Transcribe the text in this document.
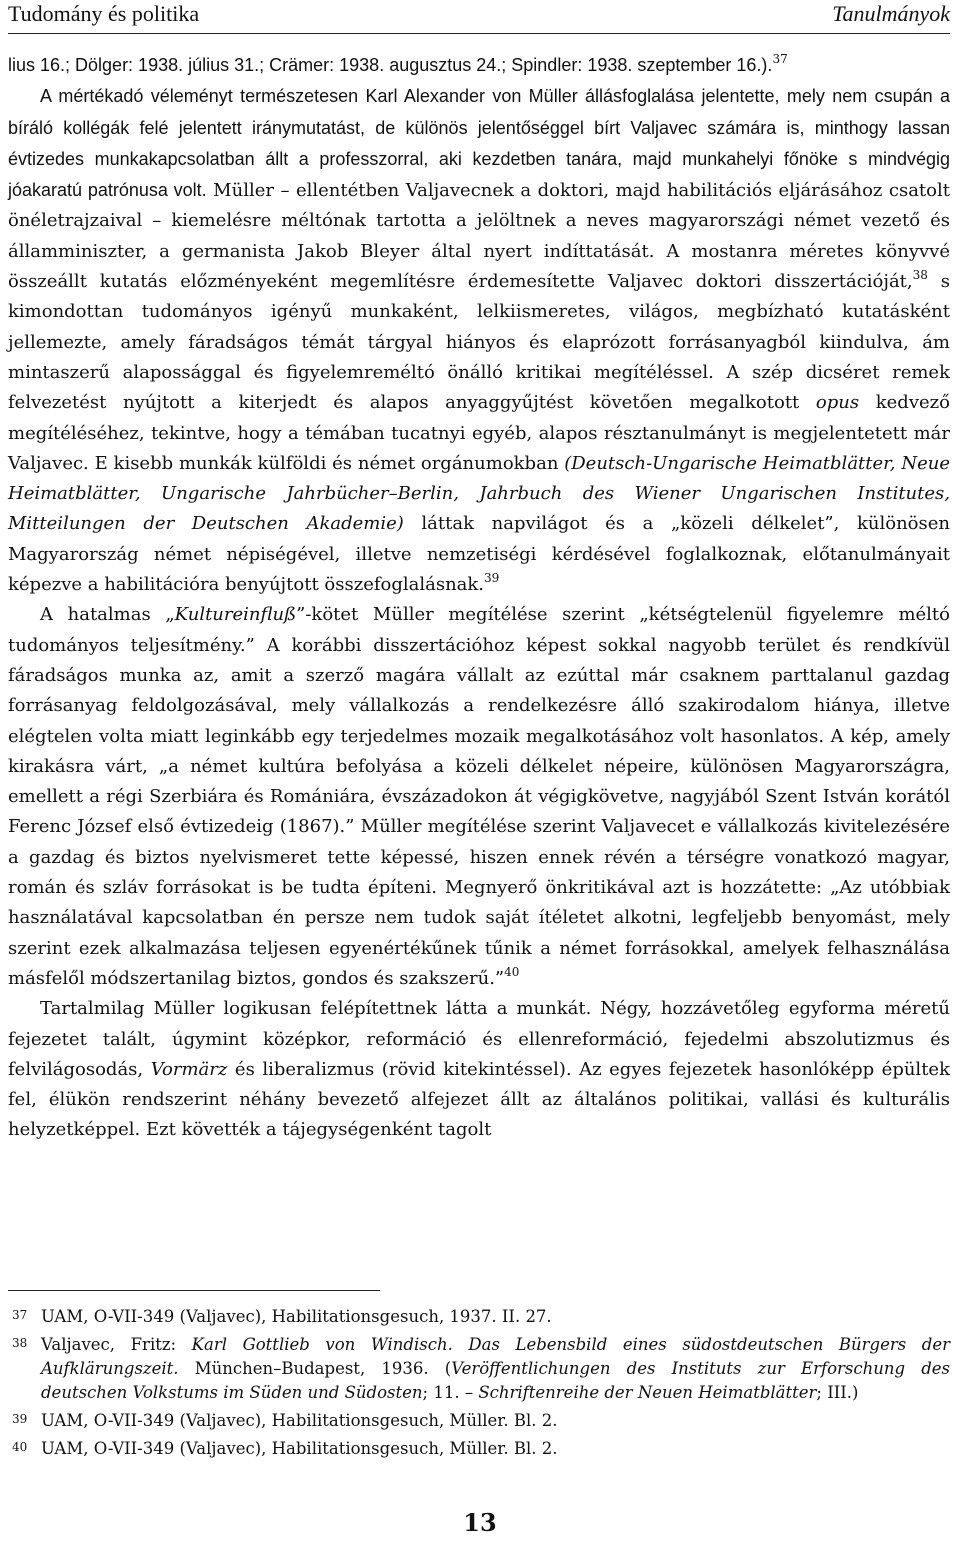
Tudomány és politika	Tanulmányok

lius 16.; Dölger: 1938. július 31.; Crämer: 1938. augusztus 24.; Spindler: 1938. szeptember 16.).$^{37}$

A mértékadó véleményt természetesen Karl Alexander von Müller állásfoglalása jelentette, mely nem csupán a bíráló kollégák felé jelentett iránymutatást, de különös jelentőséggel bírt Valjavec számára is, minthogy lassan évtizedes munkakapcsolatban állt a professzorral, aki kezdetben tanára, majd munkahelyi főnöke s mindvégig jóakaratú patrónusa volt. Müller – ellentétben Valjavecnek a doktori, majd habilitációs eljárásához csatolt önéletrajzaival – kiemelésre méltónak tartotta a jelöltnek a neves magyarországi német vezető és államminiszter, a germanista Jakob Bleyer által nyert indíttatását. A mostanra méretes könyvvé összeállt kutatás előzményeként megemlítésre érdemesítette Valjavec doktori disszertációját,$^{38}$ s kimondottan tudományos igényű munkaként, lelkiismeretes, világos, megbízható kutatásként jellemezte, amely fáradságos témát tárgyal hiányos és elaprózott forrásanyagból kiindulva, ám mintaszerű alapossággal és figyelemreméltó önálló kritikai megítéléssel. A szép dicséret remek felvezetést nyújtott a kiterjedt és alapos anyaggyűjtést követően megalkotott opus kedvező megítéléséhez, tekintve, hogy a témában tucatnyi egyéb, alapos résztanulmányt is megjelentetett már Valjavec. E kisebb munkák külföldi és német orgánumokban (Deutsch-Ungarische Heimatblätter, Neue Heimatblätter, Ungarische Jahrbücher–Berlin, Jahrbuch des Wiener Ungarischen Institutes, Mitteilungen der Deutschen Akademie) láttak napvilágot és a „közeli délkelet”, különösen Magyarország német népiségével, illetve nemzetiségi kérdésével foglalkoznak, előtanulmányait képezve a habilitációra benyújtott összefoglalásnak.$^{39}$

A hatalmas „Kultureinfluß”-kötet Müller megítélése szerint „kétségtelenül figyelemre méltó tudományos teljesítmény.” A korábbi disszertációhoz képest sokkal nagyobb terület és rendkívül fáradságos munka az, amit a szerző magára vállalt az ezúttal már csaknem parttalanul gazdag forrásanyag feldolgozásával, mely vállalkozás a rendelkezésre álló szakirodalom hiánya, illetve elégtelen volta miatt leginkább egy terjedelmes mozaik megalkotásához volt hasonlatos. A kép, amely kirakásra várt, „a német kultúra befolyása a közeli délkelet népeire, különösen Magyarországra, emellett a régi Szerbiára és Romániára, évszázadokon át végigkövetve, nagyjából Szent István korától Ferenc József első évtizedeig (1867).” Müller megítélése szerint Valjavecet e vállalkozás kivitelezésére a gazdag és biztos nyelvismeret tette képessé, hiszen ennek révén a térségre vonatkozó magyar, román és szláv forrásokat is be tudta építeni. Megnyerő önkritikával azt is hozzátette: „Az utóbbiak használatával kapcsolatban én persze nem tudok saját ítéletet alkotni, legfeljebb benyomást, mely szerint ezek alkalmazása teljesen egyenértékűnek tűnik a német forrásokkal, amelyek felhasználása másfelől módszertanilag biztos, gondos és szakszerű.”$^{40}$

Tartalmilag Müller logikusan felépítettnek látta a munkát. Négy, hozzávetőleg egyforma méretű fejezetet talált, úgymint középkor, reformáció és ellenreformáció, fejedelmi abszolutizmus és felvilágosodás, Vormärz és liberalizmus (rövid kitekintéssel). Az egyes fejezetek hasonlóképp épültek fel, élükön rendszerint néhány bevezető alfejezet állt az általános politikai, vallási és kulturális helyzetképpel. Ezt követték a tájegységenként tagolt

37 UAM, O-VII-349 (Valjavec), Habilitationsgesuch, 1937. II. 27.

38 Valjavec, Fritz: Karl Gottlieb von Windisch. Das Lebensbild eines südostdeutschen Bürgers der Aufklärungszeit. München–Budapest, 1936. (Veröffentlichungen des Instituts zur Erforschung des deutschen Volkstums im Süden und Südosten; 11. – Schriftenreihe der Neuen Heimatblätter; III.)

39 UAM, O-VII-349 (Valjavec), Habilitationsgesuch, Müller. Bl. 2.

40 UAM, O-VII-349 (Valjavec), Habilitationsgesuch, Müller. Bl. 2.

13
